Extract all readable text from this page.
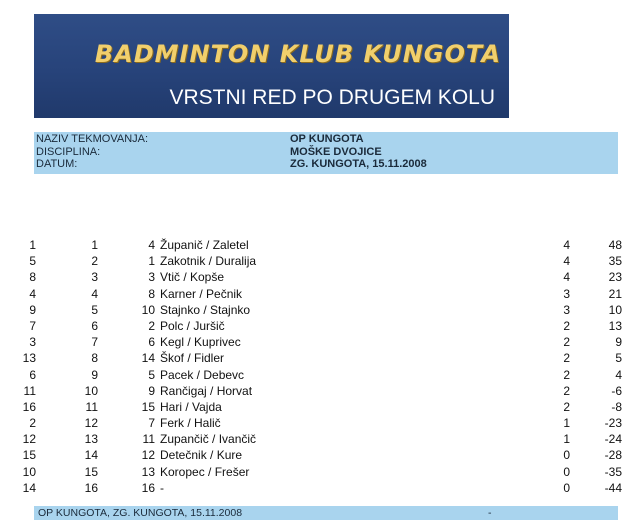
BADMINTON KLUB KUNGOTA
VRSTNI RED PO DRUGEM KOLU
NAZIV TEKMOVANJA:	OP KUNGOTA
DISCIPLINA:	MOŠKE DVOJICE
DATUM:	ZG. KUNGOTA, 15.11.2008
1	1	4 Županič / Zaletel	4	48
5	2	1 Zakotnik / Duralija	4	35
8	3	3 Vtič / Kopše	4	23
4	4	8 Karner / Pečnik	3	21
9	5	10 Stajnko / Stajnko	3	10
7	6	2 Polc / Juršič	2	13
3	7	6 Kegl / Kuprivec	2	9
13	8	14 Škof / Fidler	2	5
6	9	5 Pacek / Debevc	2	4
11	10	9 Rančigaj / Horvat	2	-6
16	11	15 Hari / Vajda	2	-8
2	12	7 Ferk / Halič	1	-23
12	13	11 Zupančič / Ivančič	1	-24
15	14	12 Detečnik / Kure	0	-28
10	15	13 Koropec / Frešer	0	-35
14	16	16 -	0	-44
OP KUNGOTA, ZG. KUNGOTA, 15.11.2008	-
